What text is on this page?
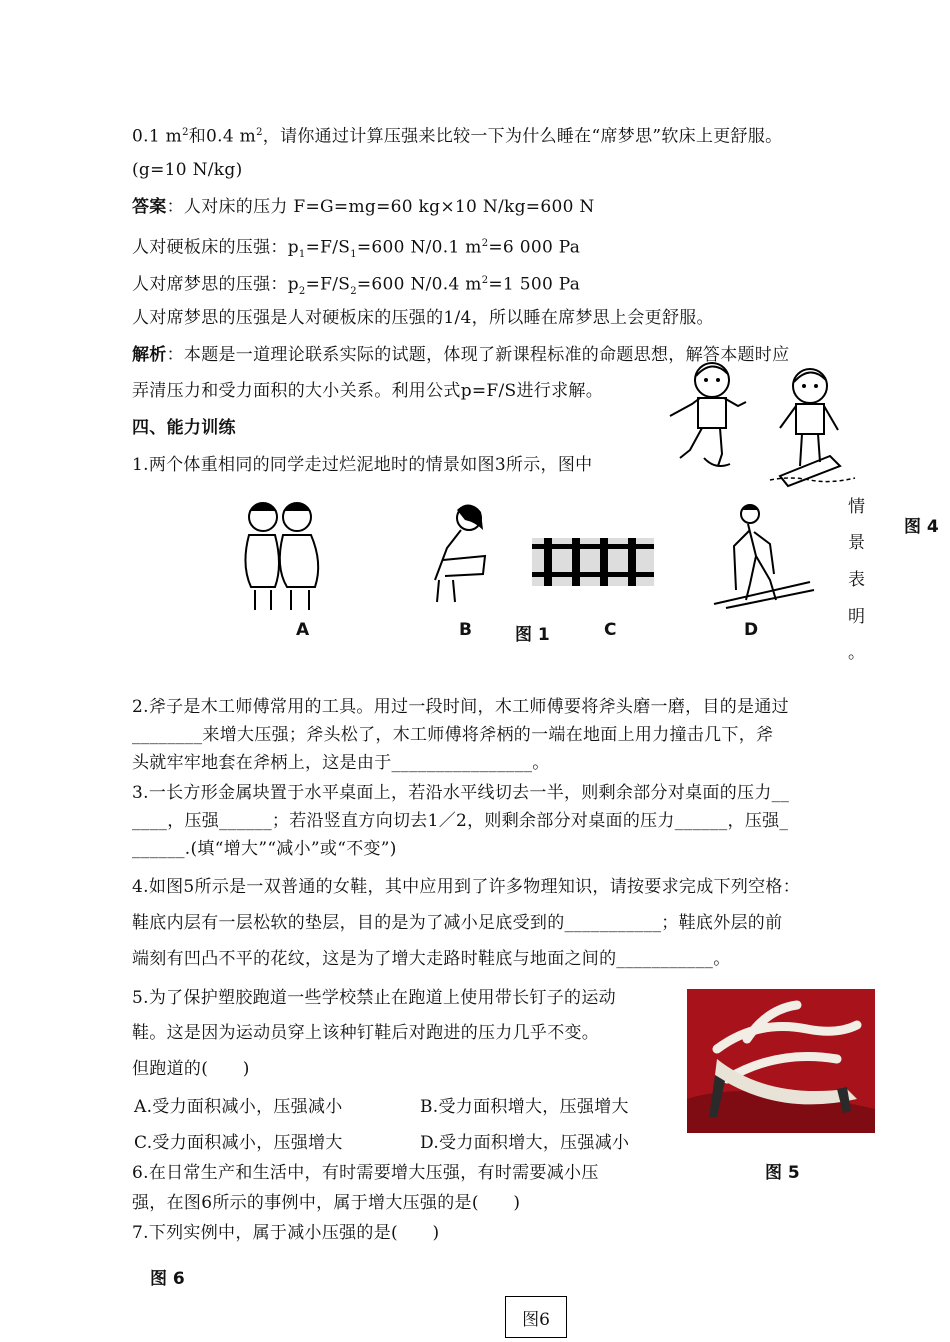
0.1 $m^2$和0.4 $m^2$，请你通过计算压强来比较一下为什么睡在“席梦思”软床上更舒服。
(g=10 N/kg)
答案：人对床的压力 F=G=mg=60 kg×10 N/kg=600 N
人对硬板床的压强：$p_1=F/S_1=600$ N/0.1 $m^2=6$ 000 Pa
人对席梦思的压强：$p_2=F/S_2=600$ N/0.4 $m^2=1$ 500 Pa
人对席梦思的压强是人对硬板床的压强的1/4，所以睡在席梦思上会更舒服。
解析：本题是一道理论联系实际的试题，体现了新课程标准的命题思想，解答本题时应
弄清压力和受力面积的大小关系。利用公式p=F/S进行求解。
四、能力训练
1.两个体重相同的同学走过烂泥地时的情景如图3所示，图中
图 4
A	B	图 1	C	D
情
景
表
明
。
2.斧子是木工师傅常用的工具。用过一段时间，木工师傅要将斧头磨一磨，目的是通过
________来增大压强；斧头松了，木工师傅将斧柄的一端在地面上用力撞击几下，斧
头就牢牢地套在斧柄上，这是由于________________。
3.一长方形金属块置于水平桌面上，若沿水平线切去一半，则剩余部分对桌面的压力__
____，压强______；若沿竖直方向切去1／2，则剩余部分对桌面的压力______，压强_
______.(填“增大”“减小”或“不变”)
4.如图5所示是一双普通的女鞋，其中应用到了许多物理知识，请按要求完成下列空格：
鞋底内层有一层松软的垫层，目的是为了减小足底受到的___________；鞋底外层的前
端刻有凹凸不平的花纹，这是为了增大走路时鞋底与地面之间的___________。
5.为了保护塑胶跑道一些学校禁止在跑道上使用带长钉子的运动
鞋。这是因为运动员穿上该种钉鞋后对跑进的压力几乎不变。
但跑道的(　　)
A.受力面积减小，压强减小	B.受力面积增大，压强增大
C.受力面积减小，压强增大	D.受力面积增大，压强减小
图 5
6.在日常生产和生活中，有时需要增大压强，有时需要减小压
强，在图6所示的事例中，属于增大压强的是(　　)
7.下列实例中，属于减小压强的是(　　)
图 6
图6
